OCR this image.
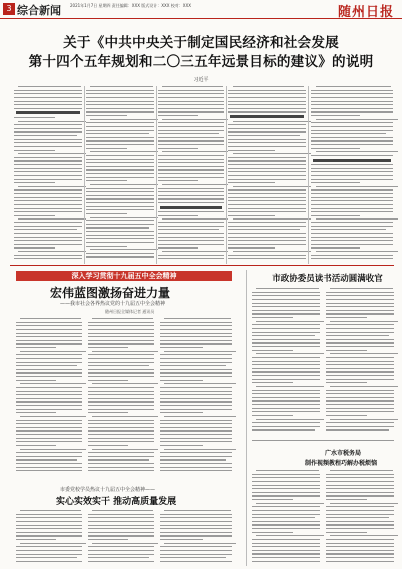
3 综合新闻 2021年1月7日 星期四 责任编辑：XXX 版式设计：XXX 校对：XXX	随州日报
关于《中共中央关于制定国民经济和社会发展
第十四个五年规划和二〇三五年远景目标的建议》的说明
习近平
深入学习贯彻十九届五中全会精神
宏伟蓝图激扬奋进力量
——我市社会各界热议党的十九届五中全会精神
随州日报全媒体记者 通讯员
市委党校学员热议十九届五中全会精神——
实心实效实干 推动高质量发展
市政协委员读书活动圆满收官
广水市税务局
制作视频教程巧解办税烦恼
